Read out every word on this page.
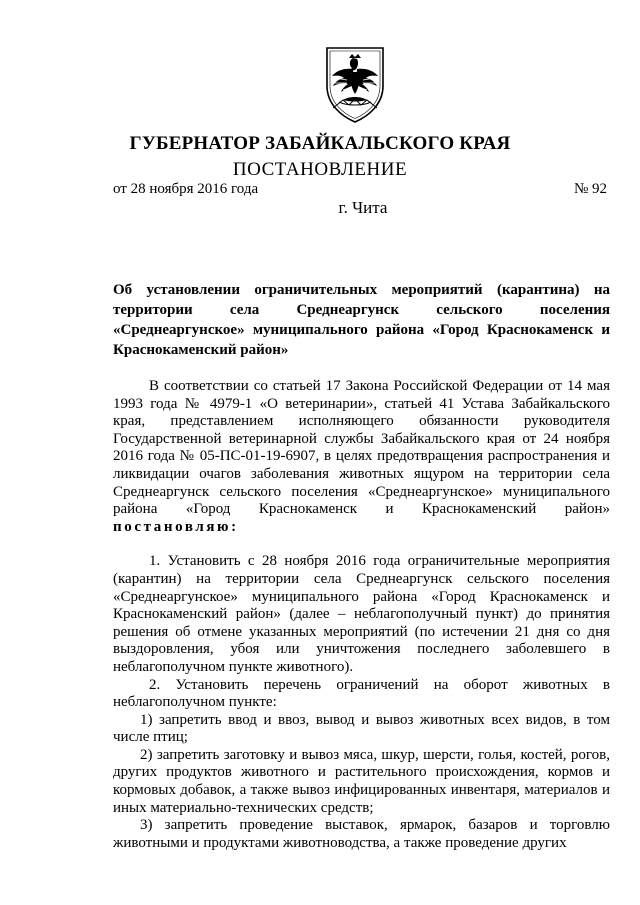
ГУБЕРНАТОР ЗАБАЙКАЛЬСКОГО КРАЯ
ПОСТАНОВЛЕНИЕ
от 28 ноября 2016 года	№ 92
г. Чита
Об установлении ограничительных мероприятий (карантина) на территории села Среднеаргунск сельского поселения «Среднеаргунское» муниципального района «Город Краснокаменск и Краснокаменский район»

В соответствии со статьей 17 Закона Российской Федерации от 14 мая 1993 года № 4979-1 «О ветеринарии», статьей 41 Устава Забайкальского края, представлением исполняющего обязанности руководителя Государственной ветеринарной службы Забайкальского края от 24 ноября 2016 года № 05-ПС-01-19-6907, в целях предотвращения распространения и ликвидации очагов заболевания животных ящуром на территории села Среднеаргунск сельского поселения «Среднеаргунское» муниципального района «Город Краснокаменск и Краснокаменский район» постановляю:

1. Установить с 28 ноября 2016 года ограничительные мероприятия (карантин) на территории села Среднеаргунск сельского поселения «Среднеаргунское» муниципального района «Город Краснокаменск и Краснокаменский район» (далее – неблагополучный пункт) до принятия решения об отмене указанных мероприятий (по истечении 21 дня со дня выздоровления, убоя или уничтожения последнего заболевшего в неблагополучном пункте животного).

2. Установить перечень ограничений на оборот животных в неблагополучном пункте:

1) запретить ввод и ввоз, вывод и вывоз животных всех видов, в том числе птиц;

2) запретить заготовку и вывоз мяса, шкур, шерсти, голья, костей, рогов, других продуктов животного и растительного происхождения, кормов и кормовых добавок, а также вывоз инфицированных инвентаря, материалов и иных материально-технических средств;

3) запретить проведение выставок, ярмарок, базаров и торговлю животными и продуктами животноводства, а также проведение других
